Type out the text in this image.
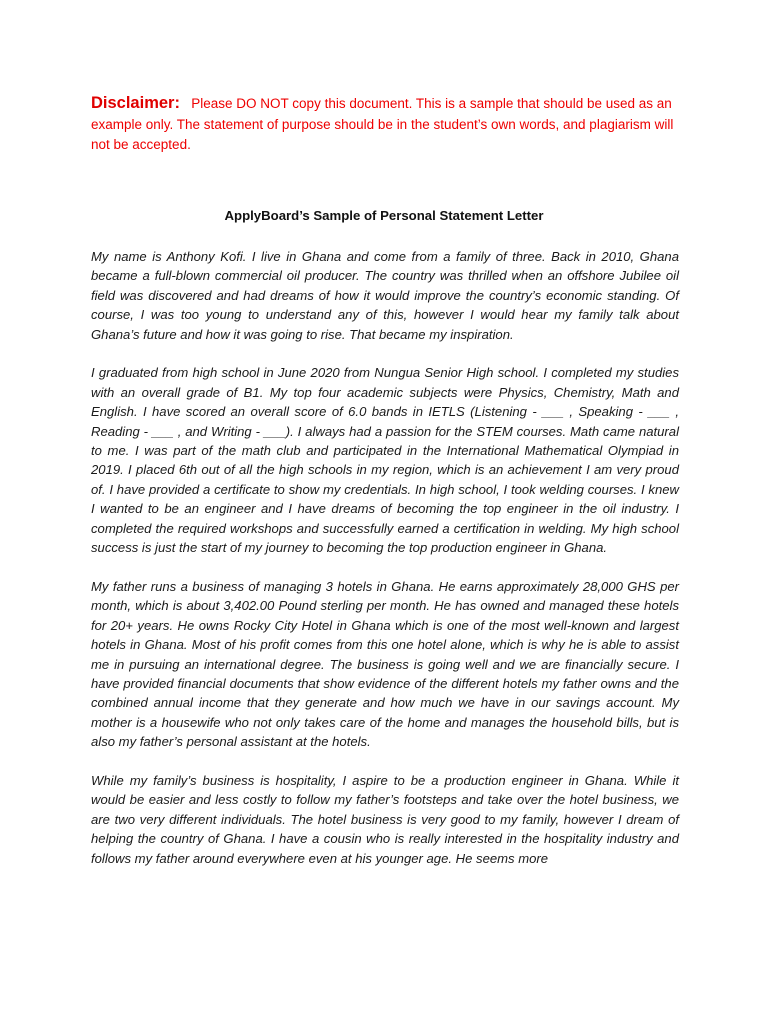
Disclaimer: Please DO NOT copy this document. This is a sample that should be used as an example only. The statement of purpose should be in the student’s own words, and plagiarism will not be accepted.
ApplyBoard’s Sample of Personal Statement Letter

My name is Anthony Kofi. I live in Ghana and come from a family of three. Back in 2010, Ghana became a full-blown commercial oil producer. The country was thrilled when an offshore Jubilee oil field was discovered and had dreams of how it would improve the country’s economic standing. Of course, I was too young to understand any of this, however I would hear my family talk about Ghana’s future and how it was going to rise. That became my inspiration.

I graduated from high school in June 2020 from Nungua Senior High school. I completed my studies with an overall grade of B1. My top four academic subjects were Physics, Chemistry, Math and English. I have scored an overall score of 6.0 bands in IETLS (Listening - ___ , Speaking - ___ , Reading - ___ , and Writing - ___). I always had a passion for the STEM courses. Math came natural to me. I was part of the math club and participated in the International Mathematical Olympiad in 2019. I placed 6th out of all the high schools in my region, which is an achievement I am very proud of. I have provided a certificate to show my credentials. In high school, I took welding courses. I knew I wanted to be an engineer and I have dreams of becoming the top engineer in the oil industry. I completed the required workshops and successfully earned a certification in welding. My high school success is just the start of my journey to becoming the top production engineer in Ghana.

My father runs a business of managing 3 hotels in Ghana. He earns approximately 28,000 GHS per month, which is about 3,402.00 Pound sterling per month. He has owned and managed these hotels for 20+ years. He owns Rocky City Hotel in Ghana which is one of the most well-known and largest hotels in Ghana. Most of his profit comes from this one hotel alone, which is why he is able to assist me in pursuing an international degree. The business is going well and we are financially secure. I have provided financial documents that show evidence of the different hotels my father owns and the combined annual income that they generate and how much we have in our savings account. My mother is a housewife who not only takes care of the home and manages the household bills, but is also my father’s personal assistant at the hotels.

While my family’s business is hospitality, I aspire to be a production engineer in Ghana. While it would be easier and less costly to follow my father’s footsteps and take over the hotel business, we are two very different individuals. The hotel business is very good to my family, however I dream of helping the country of Ghana. I have a cousin who is really interested in the hospitality industry and follows my father around everywhere even at his younger age. He seems more
